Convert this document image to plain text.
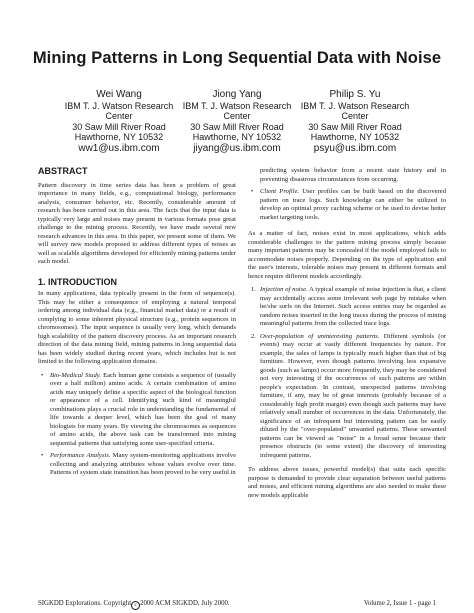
Mining Patterns in Long Sequential Data with Noise
Wei Wang
IBM T. J. Watson Research
Center
30 Saw Mill River Road
Hawthorne, NY 10532
ww1@us.ibm.com
Jiong Yang
IBM T. J. Watson Research
Center
30 Saw Mill River Road
Hawthorne, NY 10532
jiyang@us.ibm.com
Philip S. Yu
IBM T. J. Watson Research
Center
30 Saw Mill River Road
Hawthorne, NY 10532
psyu@us.ibm.com
ABSTRACT

Pattern discovery in time series data has been a problem of great importance in many fields, e.g., computational biology, performance analysis, consumer behavior, etc. Recently, considerable amount of research has been carried out in this area. The facts that the input data is typically very large and noises may present in various formats pose great challenge to the mining process. Recently, we have made several new research advances in this area. In this paper, we present some of them. We will survey new models proposed to address different types of noises as well as scalable algorithms developed for efficiently mining patterns under each model.

1. INTRODUCTION

In many applications, data typically present in the form of sequence(s). This may be either a consequence of employing a natural temporal ordering among individual data (e.g., financial market data) or a result of complying to some inherent physical structure (e.g., protein sequences in chromosomes). The input sequence is usually very long, which demands high scalability of the pattern discovery process. As an important research direction of the data mining field, mining patterns in long sequential data has been widely studied during recent years, which includes but is not limited to the following application domains.

• Bio-Medical Study. Each human gene consists a sequence of (usually over a half million) amino acids. A certain combination of amino acids may uniquely define a specific aspect of the biological function or appearance of a cell. Identifying such kind of meaningful combinations plays a crucial role in understanding the fundamental of life towards a deeper level, which has been the goal of many biologists for many years. By viewing the chromosomes as sequences of amino acids, the above task can be transformed into mining sequential patterns that satisfying some user-specified criteria.
• Performance Analysis. Many system-monitoring applications involve collecting and analyzing attributes whose values evolve over time. Patterns of system state transition has been proved to be very useful in

predicting system behavior from a recent state history and in preventing disastrous circumstances from occurring.

• Client Profile. User profiles can be built based on the discovered pattern on trace logs. Such knowledge can either be utilized to develop an optimal proxy caching scheme or be used to devise better market targeting tools.

As a matter of fact, noises exist in most applications, which adds considerable challenges to the pattern mining process simply because many important patterns may be concealed if the model employed fails to accommodate noises properly. Depending on the type of application and the user's interests, tolerable noises may present in different formats and hence require different models accordingly.

1. Injection of noise. A typical example of noise injection is that, a client may accidentally access some irrelevant web page by mistake when he/she surfs on the Internet. Such access entries may be regarded as random noises inserted in the long traces during the process of mining meaningful patterns from the collected trace logs.
2. Over-population of uninteresting patterns. Different symbols (or events) may occur at vastly different frequencies by nature. For example, the sales of lamps is typically much higher than that of big furniture. However, even though patterns involving less expansive goods (such as lamps) occur more frequently, they may be considered not very interesting if the occurrences of such patterns are within people's expectation. In contrast, unexpected patterns involving furniture, if any, may be of great interests (probably because of a considerably high profit margin) even though such patterns may have relatively small number of occurrences in the data. Unfortunately, the significance of an infrequent but interesting pattern can be easily diluted by the "over-populated" unwanted patterns. These unwanted patterns can be viewed as "noise" in a broad sense because their presence obstructs (to some extent) the discovery of interesting infrequent patterns.

To address above issues, powerful model(s) that suits each specific purpose is demanded to provide clear separation between useful patterns and noises, and efficient mining algorithms are also needed to make these new models applicable

SIGKDD Explorations. Copyright c 2000 ACM SIGKDD, July 2000.	Volume 2, Issue 1 - page 1
